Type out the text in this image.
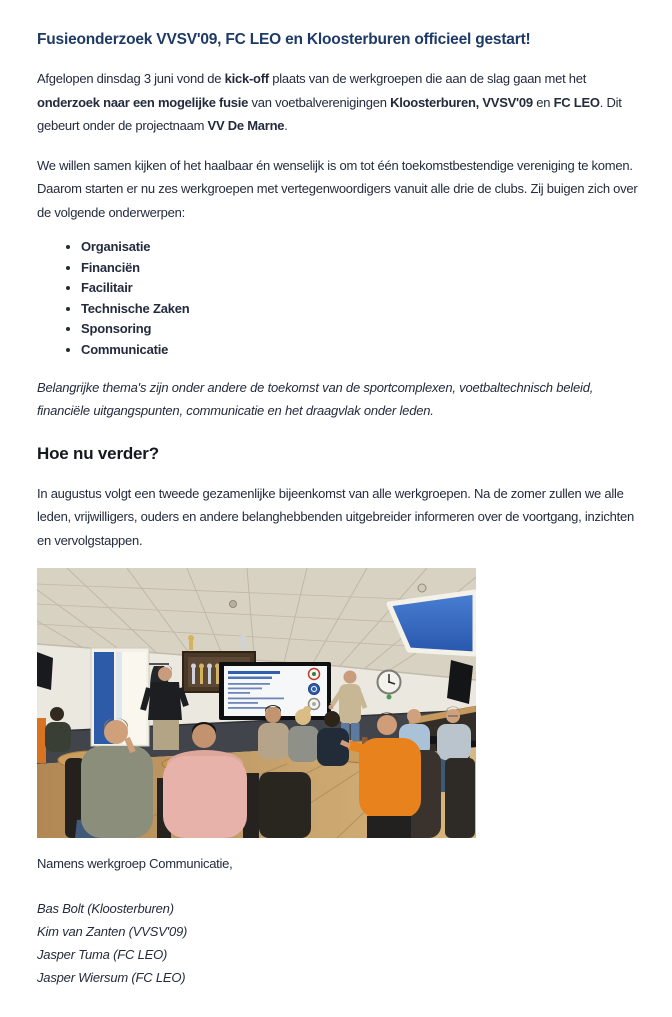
Fusieonderzoek VVSV'09, FC LEO en Kloosterburen officieel gestart!

Afgelopen dinsdag 3 juni vond de kick-off plaats van de werkgroepen die aan de slag gaan met het onderzoek naar een mogelijke fusie van voetbalverenigingen Kloosterburen, VVSV'09 en FC LEO. Dit gebeurt onder de projectnaam VV De Marne.

We willen samen kijken of het haalbaar én wenselijk is om tot één toekomstbestendige vereniging te komen. Daarom starten er nu zes werkgroepen met vertegenwoordigers vanuit alle drie de clubs. Zij buigen zich over de volgende onderwerpen:

• Organisatie
• Financiën
• Facilitair
• Technische Zaken
• Sponsoring
• Communicatie

Belangrijke thema's zijn onder andere de toekomst van de sportcomplexen, voetbaltechnisch beleid, financiële uitgangspunten, communicatie en het draagvlak onder leden.

Hoe nu verder?

In augustus volgt een tweede gezamenlijke bijeenkomst van alle werkgroepen. Na de zomer zullen we alle leden, vrijwilligers, ouders en andere belanghebbenden uitgebreider informeren over de voortgang, inzichten en vervolgstappen.

Namens werkgroep Communicatie,

Bas Bolt (Kloosterburen)
Kim van Zanten (VVSV'09)
Jasper Tuma (FC LEO)
Jasper Wiersum (FC LEO)
